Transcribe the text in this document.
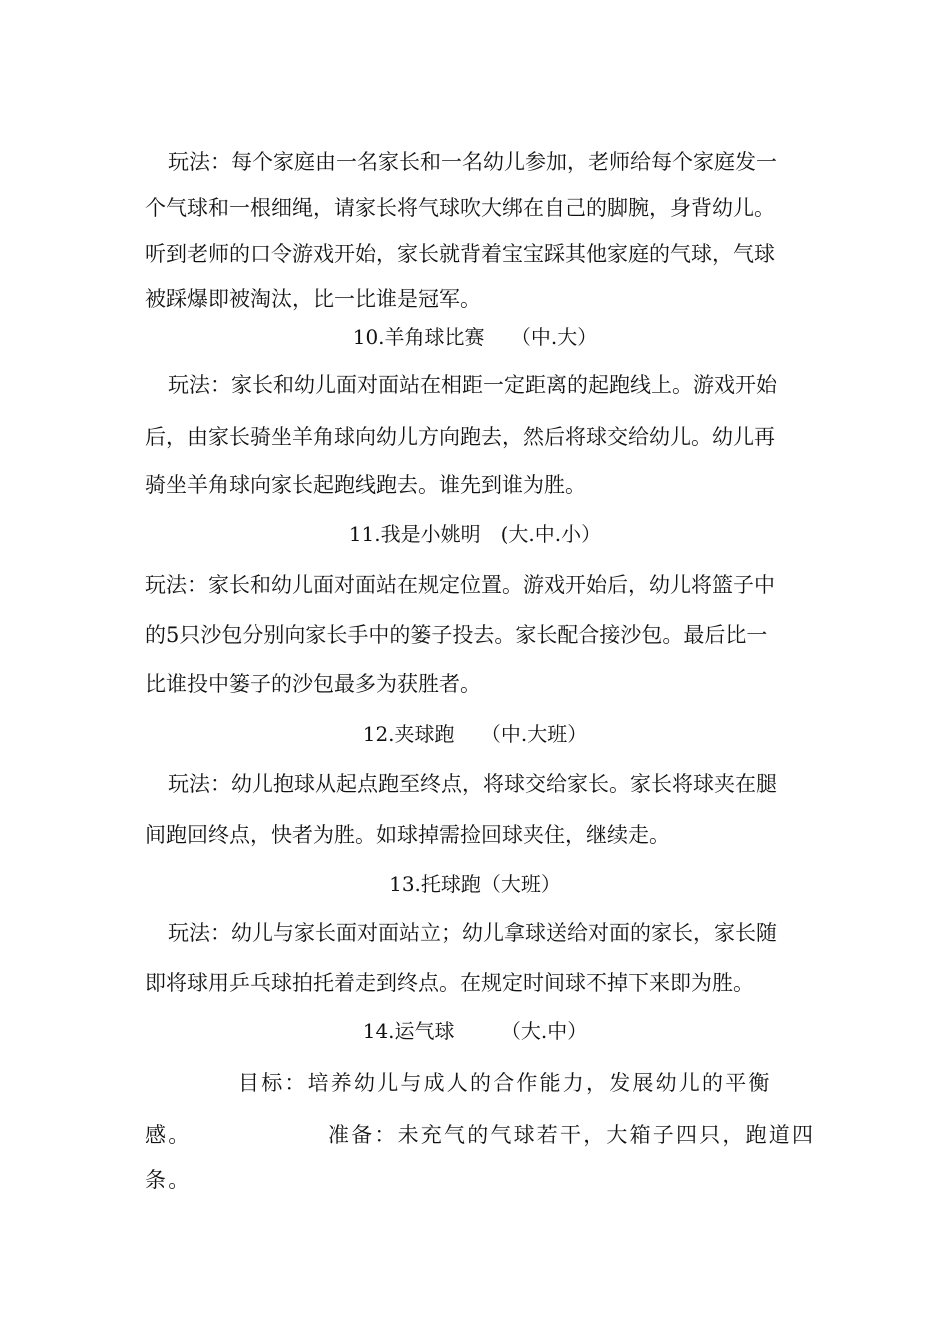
玩法：每个家庭由一名家长和一名幼儿参加，老师给每个家庭发一
个气球和一根细绳，请家长将气球吹大绑在自己的脚腕，身背幼儿。
听到老师的口令游戏开始，家长就背着宝宝踩其他家庭的气球，气球
被踩爆即被淘汰，比一比谁是冠军。
10.羊角球比赛　 （中.大）
玩法：家长和幼儿面对面站在相距一定距离的起跑线上。游戏开始
后，由家长骑坐羊角球向幼儿方向跑去，然后将球交给幼儿。幼儿再
骑坐羊角球向家长起跑线跑去。谁先到谁为胜。
11.我是小姚明　(大.中.小）
玩法：家长和幼儿面对面站在规定位置。游戏开始后，幼儿将篮子中
的5只沙包分别向家长手中的篓子投去。家长配合接沙包。最后比一
比谁投中篓子的沙包最多为获胜者。
12.夹球跑　 （中.大班）
玩法：幼儿抱球从起点跑至终点，将球交给家长。家长将球夹在腿
间跑回终点，快者为胜。如球掉需捡回球夹住，继续走。
13.托球跑（大班）
玩法：幼儿与家长面对面站立；幼儿拿球送给对面的家长，家长随
即将球用乒乓球拍托着走到终点。在规定时间球不掉下来即为胜。
14.运气球　　 （大.中）
目标：培养幼儿与成人的合作能力，发展幼儿的平衡
感。	准备：未充气的气球若干，大箱子四只，跑道四
条。
